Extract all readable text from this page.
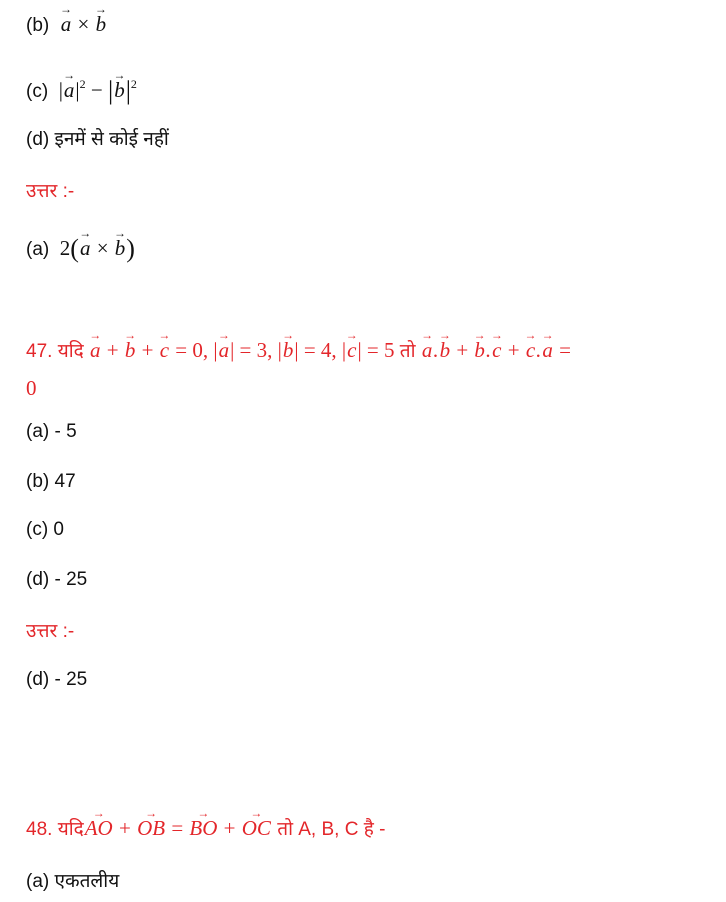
(b) → a × → b
(c) |→ $a|^2$ − |→ $b|^2$
(d) इनमें से कोई नहीं
उत्तर :-
(a) 2(→ a × → b)
47. यदि → a + → b + → c = 0, |→ a| = 3, |→ b| = 4, |→ c| = 5 तो → a.→ b + → b.→ c + → c.→ a =
0
(a) - 5
(b) 47
(c) 0
(d) - 25
उत्तर :-
(d) - 25
48. यदि→ AO + → OB = → BO + → OC तो A, B, C है -
(a) एकतलीय
